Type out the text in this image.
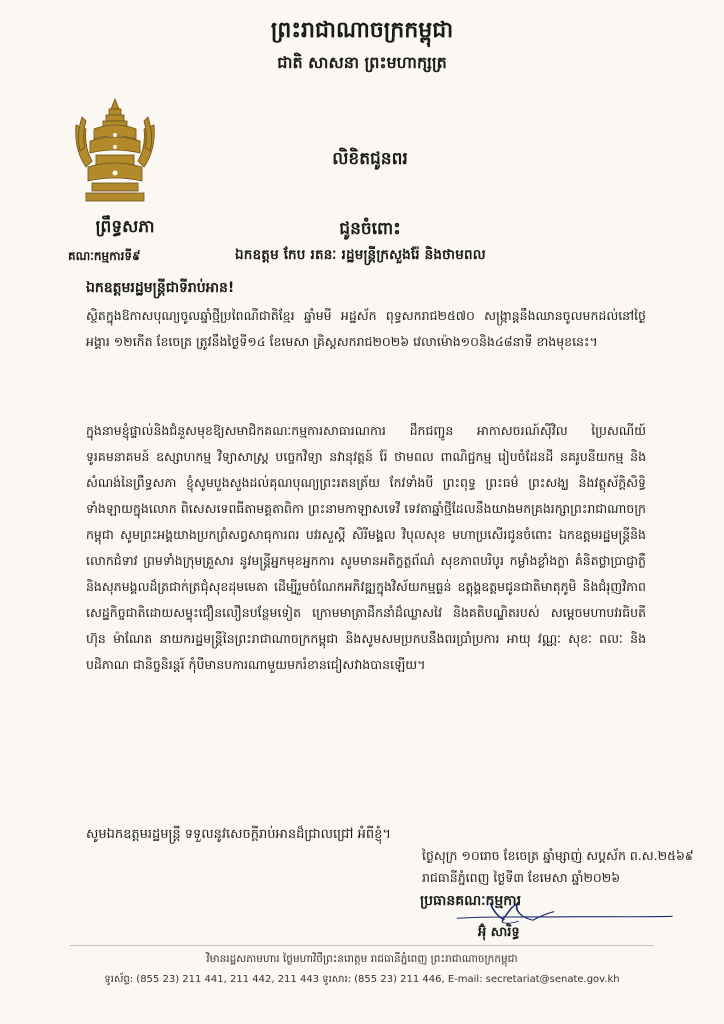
ព្រះរាជាណាចក្រកម្ពុជា
ជាតិ សាសនា ព្រះមហាក្សត្រ
លិខិតជូនពរ
ព្រឹទ្ធសភា	ជូនចំពោះ
គណៈកម្មការទី៩	ឯកឧត្តម កែប រតនៈ រដ្ឋមន្ត្រីក្រសួងរ៉ែ និងថាមពល
ឯកឧត្តមរដ្ឋមន្ត្រីជាទីរាប់អាន!
ស្ថិតក្នុងឱកាសបុណ្យចូលឆ្នាំថ្មីប្រពៃណីជាតិខ្មែរ ឆ្នាំមមី អដ្ឋស័ក ពុទ្ធសករាជ២៥៧០ សង្ក្រាន្តនឹងឈានចូលមកដល់នៅថ្ងៃអង្គារ ១២កើត ខែចេត្រ ត្រូវនឹងថ្ងៃទី១៤ ខែមេសា គ្រិស្តសករាជ២០២៦ វេលាម៉ោង១០និង៤៨នាទី ខាងមុខនេះ។
ក្នុងនាមខ្ញុំផ្ទាល់និងជំនួសមុខឱ្យសមាជិកគណៈកម្មការសាធារណការ ដឹកជញ្ជូន អាកាសចរណ៍ស៊ីវិល ប្រៃសណីយ៍ ទូរគមនាគមន៍ ឧស្សាហកម្ម វិទ្យាសាស្ត្រ បច្ចេកវិទ្យា នវានុវត្តន៍ រ៉ែ ថាមពល ពាណិជ្ជកម្ម រៀបចំដែនដី នគរូបនីយកម្ម និងសំណង់នៃព្រឹទ្ធសភា ខ្ញុំសូមបួងសួងដល់គុណបុណ្យព្រះរតនត្រ័យ កែវទាំងបី ព្រះពុទ្ធ ព្រះធម៌ ព្រះសង្ឃ និងវត្ថុស័ក្តិសិទ្ធិទាំងឡាយក្នុងលោក ពិសេសទេពធីតាមគ្គតាពិកា ព្រះនាមកាឡាសទេវី ទេវតាឆ្នាំថ្មីដែលនឹងយាងមកគ្រងរក្សាព្រះរាជាណាចក្រកម្ពុជា សូមព្រះអង្គយាងប្រកព្រំសព្វសាធុការពរ បវរសួស្តី សិរីមង្គល វិបុលសុខ មហាប្រសើរជូនចំពោះ ឯកឧត្តមរដ្ឋមន្ត្រីនិងលោកជំទាវ ព្រមទាំងក្រុមគ្រួសារ នូវមន្ត្រីអ្នកមុខអ្នកការ សូមមានអតិក្ខត្ថព័ណ៌ សុខភាពបរិបូរ កម្លាំងខ្លាំងក្លា គំនិតថ្លាប្រាជ្ញាភ្លឺ និងសុភមង្គលដ៏ត្រជាក់ត្រជុំសុខដុមមេតា ដើម្បីរួមចំណែកអភិវឌ្ឍក្នុងវិស័យកម្មធ្ងន់ ឧត្តុង្គឧត្តមជូនជាតិមាតុភូមិ និងជំរុញវិភាពសេដ្ឋកិច្ចជាតិដោយសម្ទុះជឿនលឿនបន្ថែមទៀត ក្រោមមាត្រាដឹកនាំដ៏ឈ្លាសវៃ និងគតិបណ្ឌិតរបស់ សម្តេចមហាបវរធិបតី ហ៊ុន ម៉ាណែត នាយករដ្ឋមន្ត្រីនៃព្រះរាជាណាចក្រកម្ពុជា និងសូមសមប្រកបនឹងពរប្រាំប្រការ អាយុ វណ្ណៈ សុខៈ ពលៈ និងបដិភាណ ជានិច្ចនិរន្តរ៍ កុំបីមានបការណាមួយមករំខានជៀសវាងបានឡើយ។
សូមឯកឧត្តមរដ្ឋមន្ត្រី ទទួលនូវសេចក្តីរាប់អានដ៏ជ្រាលជ្រៅ អំពីខ្ញុំ។
ថ្ងៃសុក្រ ១០រោច ខែចេត្រ ឆ្នាំម្សាញ់ សប្តស័ក ព.ស.២៥៦៩
រាជធានីភ្នំពេញ ថ្ងៃទី៣ ខែមេសា ឆ្នាំ២០២៦
ប្រធានគណៈកម្មការ
អ៊ុំ សារិទ្ធ
វិមានរដ្ឋសភាមហារ ថ្ងៃមហាវិថីព្រះនរោត្តម រាជធានីភ្នំពេញ ព្រះរាជាណាចក្រកម្ពុជា
ទូរស័ព្ទ: (855 23) 211 441, 211 442, 211 443 ទូរសារ: (855 23) 211 446, E-mail: secretariat@senate.gov.kh
